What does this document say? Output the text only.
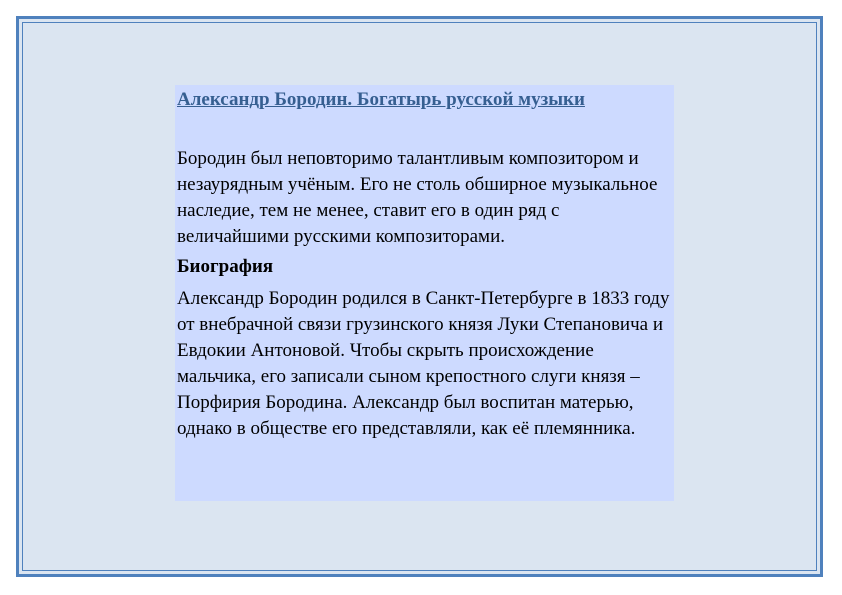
Александр Бородин. Богатырь русской музыки

Бородин был неповторимо талантливым композитором и незаурядным учёным. Его не столь обширное музыкальное наследие, тем не менее, ставит его в один ряд с величайшими русскими композиторами.

Биография

Александр Бородин родился в Санкт-Петербурге в 1833 году от внебрачной связи грузинского князя Луки Степановича и Евдокии Антоновой. Чтобы скрыть происхождение мальчика, его записали сыном крепостного слуги князя – Порфирия Бородина. Александр был воспитан матерью, однако в обществе его представляли, как её племянника.
